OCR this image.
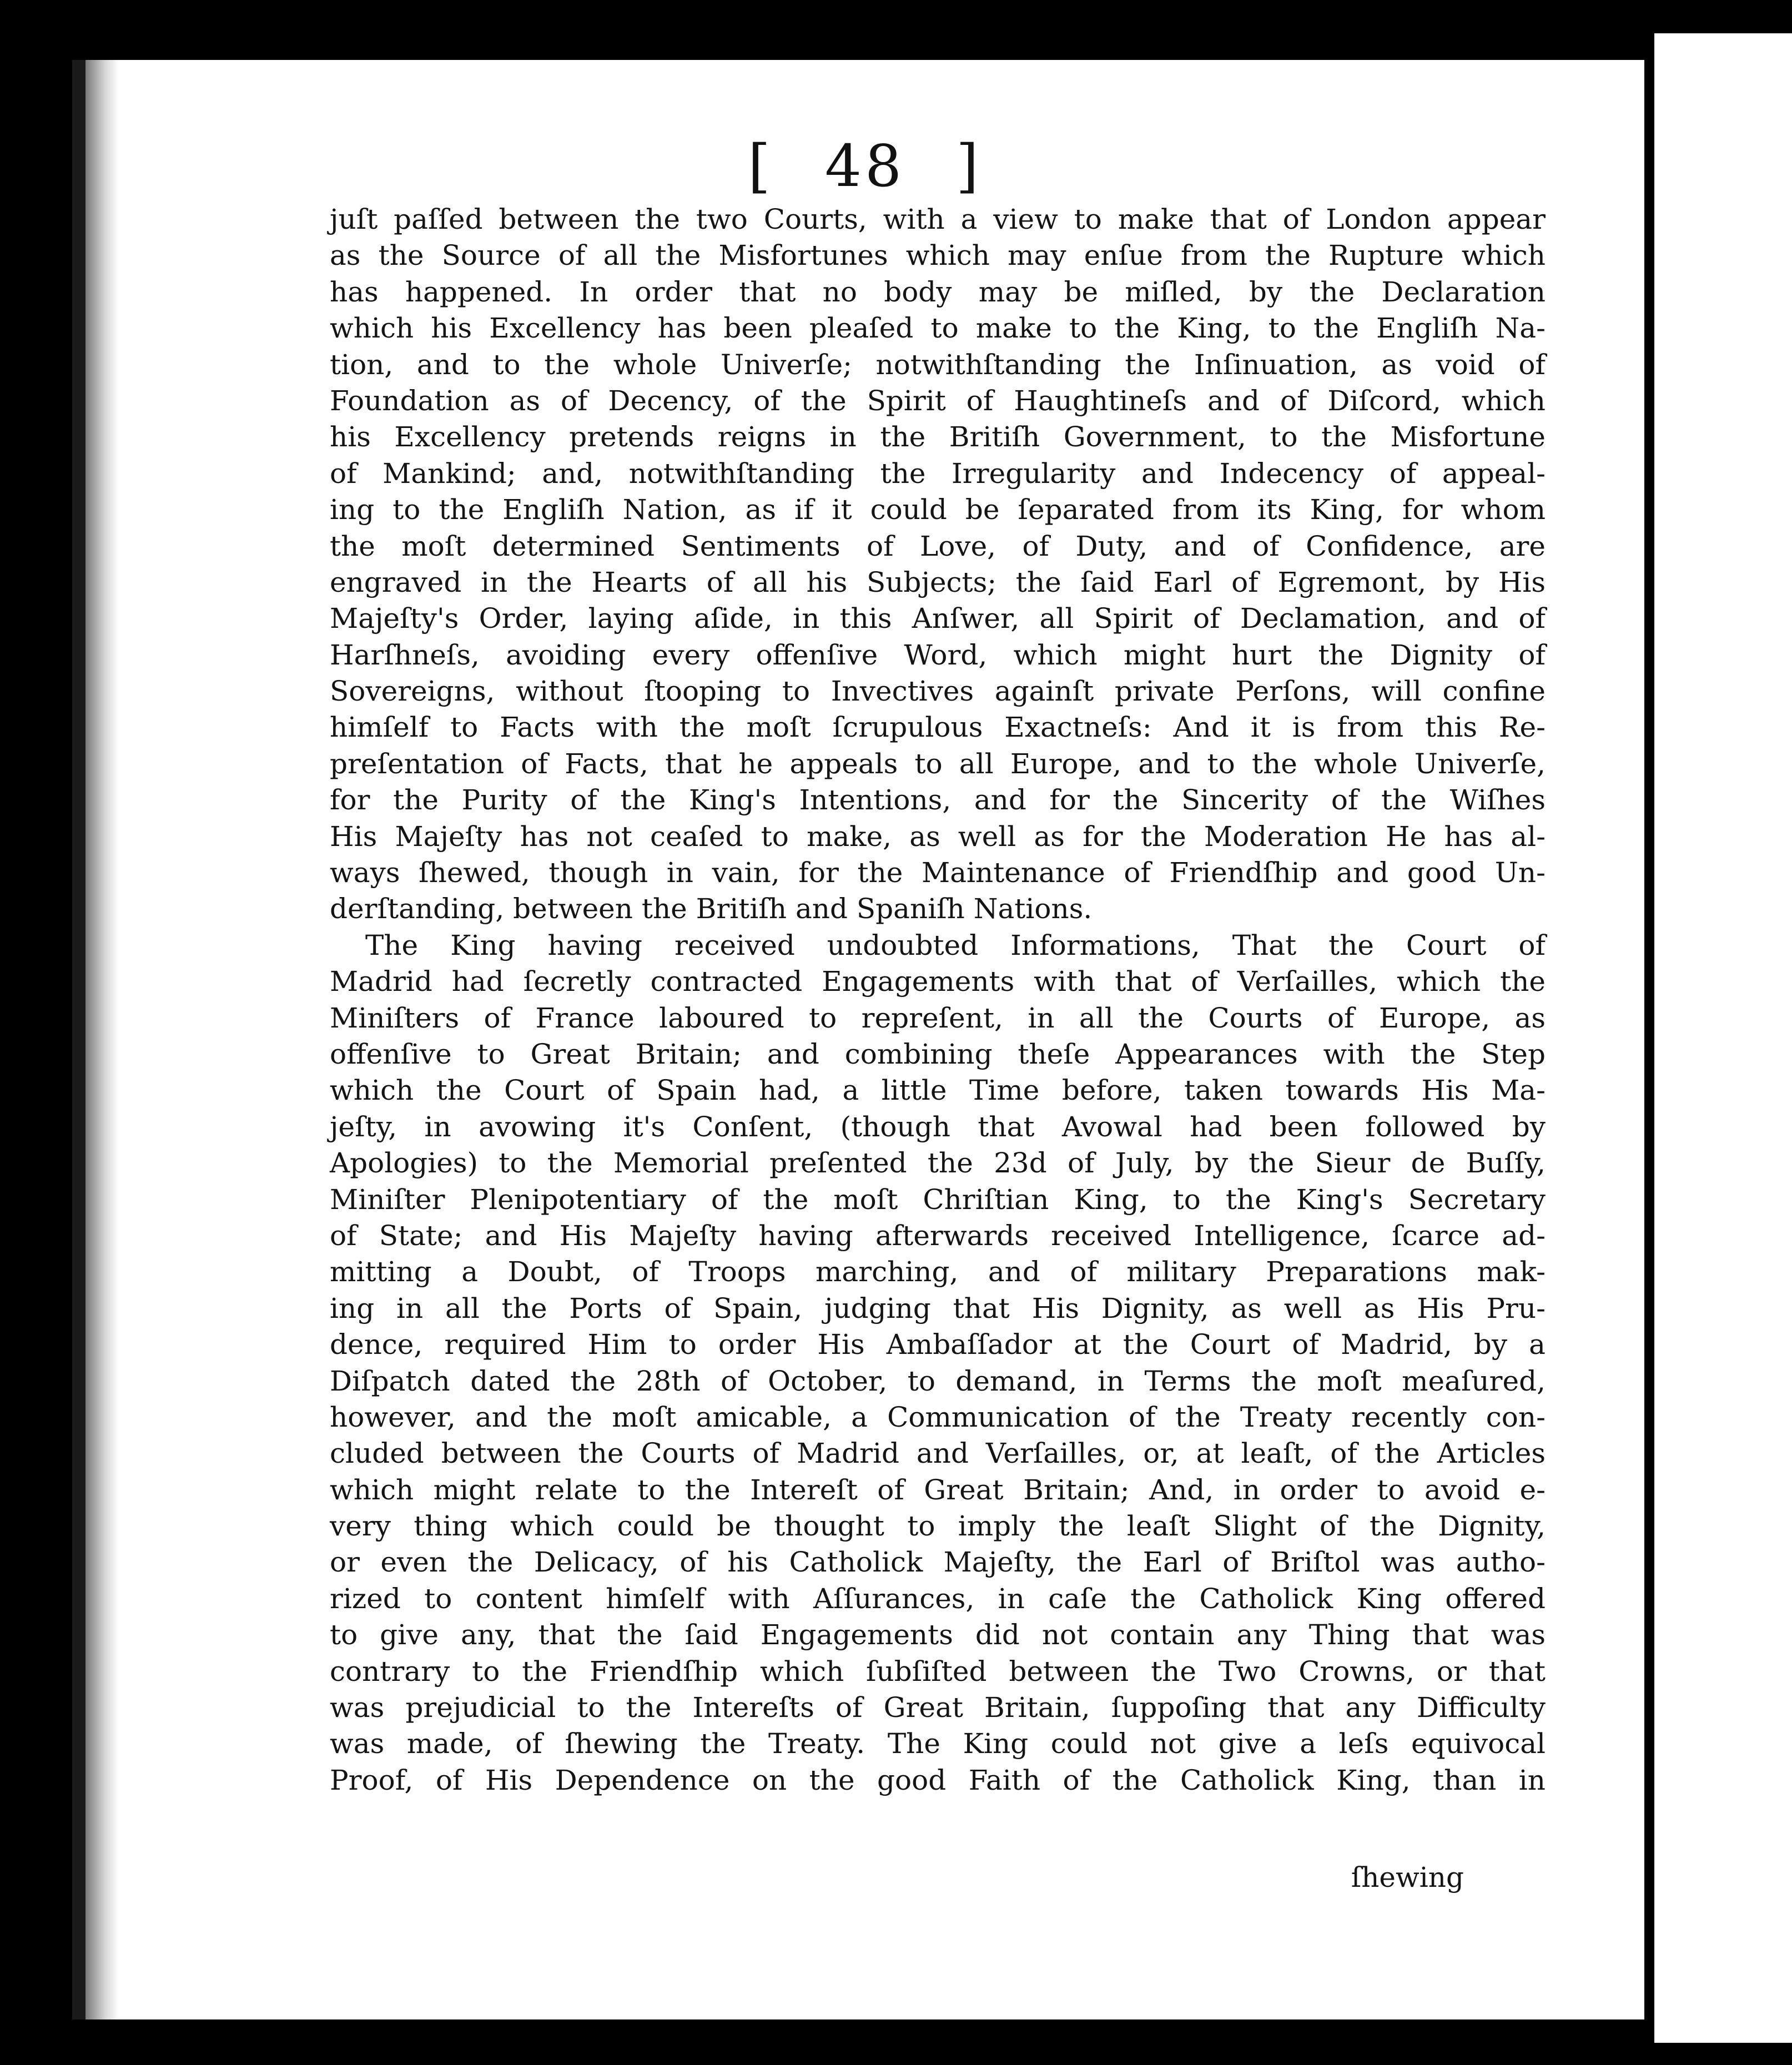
[ 48 ]
juſt paſſed between the two Courts, with a view to make that of London appear
as the Source of all the Misfortunes which may enſue from the Rupture which
has happened. In order that no body may be miſled, by the Declaration
which his Excellency has been pleaſed to make to the King, to the Engliſh Na-
tion, and to the whole Univerſe; notwithſtanding the Inſinuation, as void of
Foundation as of Decency, of the Spirit of Haughtineſs and of Diſcord, which
his Excellency pretends reigns in the Britiſh Government, to the Misfortune
of Mankind; and, notwithſtanding the Irregularity and Indecency of appeal-
ing to the Engliſh Nation, as if it could be ſeparated from its King, for whom
the moſt determined Sentiments of Love, of Duty, and of Confidence, are
engraved in the Hearts of all his Subjects; the ſaid Earl of Egremont, by His
Majeſty's Order, laying aſide, in this Anſwer, all Spirit of Declamation, and of
Harſhneſs, avoiding every offenſive Word, which might hurt the Dignity of
Sovereigns, without ſtooping to Invectives againſt private Perſons, will confine
himſelf to Facts with the moſt ſcrupulous Exactneſs: And it is from this Re-
preſentation of Facts, that he appeals to all Europe, and to the whole Univerſe,
for the Purity of the King's Intentions, and for the Sincerity of the Wiſhes
His Majeſty has not ceaſed to make, as well as for the Moderation He has al-
ways ſhewed, though in vain, for the Maintenance of Friendſhip and good Un-
derſtanding, between the Britiſh and Spaniſh Nations.
The King having received undoubted Informations, That the Court of
Madrid had ſecretly contracted Engagements with that of Verſailles, which the
Miniſters of France laboured to repreſent, in all the Courts of Europe, as
offenſive to Great Britain; and combining theſe Appearances with the Step
which the Court of Spain had, a little Time before, taken towards His Ma-
jeſty, in avowing it's Conſent, (though that Avowal had been followed by
Apologies) to the Memorial preſented the 23d of July, by the Sieur de Buſſy,
Miniſter Plenipotentiary of the moſt Chriſtian King, to the King's Secretary
of State; and His Majeſty having afterwards received Intelligence, ſcarce ad-
mitting a Doubt, of Troops marching, and of military Preparations mak-
ing in all the Ports of Spain, judging that His Dignity, as well as His Pru-
dence, required Him to order His Ambaſſador at the Court of Madrid, by a
Diſpatch dated the 28th of October, to demand, in Terms the moſt meaſured,
however, and the moſt amicable, a Communication of the Treaty recently con-
cluded between the Courts of Madrid and Verſailles, or, at leaſt, of the Articles
which might relate to the Intereſt of Great Britain; And, in order to avoid e-
very thing which could be thought to imply the leaſt Slight of the Dignity,
or even the Delicacy, of his Catholick Majeſty, the Earl of Briſtol was autho-
rized to content himſelf with Aſſurances, in caſe the Catholick King offered
to give any, that the ſaid Engagements did not contain any Thing that was
contrary to the Friendſhip which ſubſiſted between the Two Crowns, or that
was prejudicial to the Intereſts of Great Britain, ſuppoſing that any Difficulty
was made, of ſhewing the Treaty. The King could not give a leſs equivocal
Proof, of His Dependence on the good Faith of the Catholick King, than in
ſhewing
